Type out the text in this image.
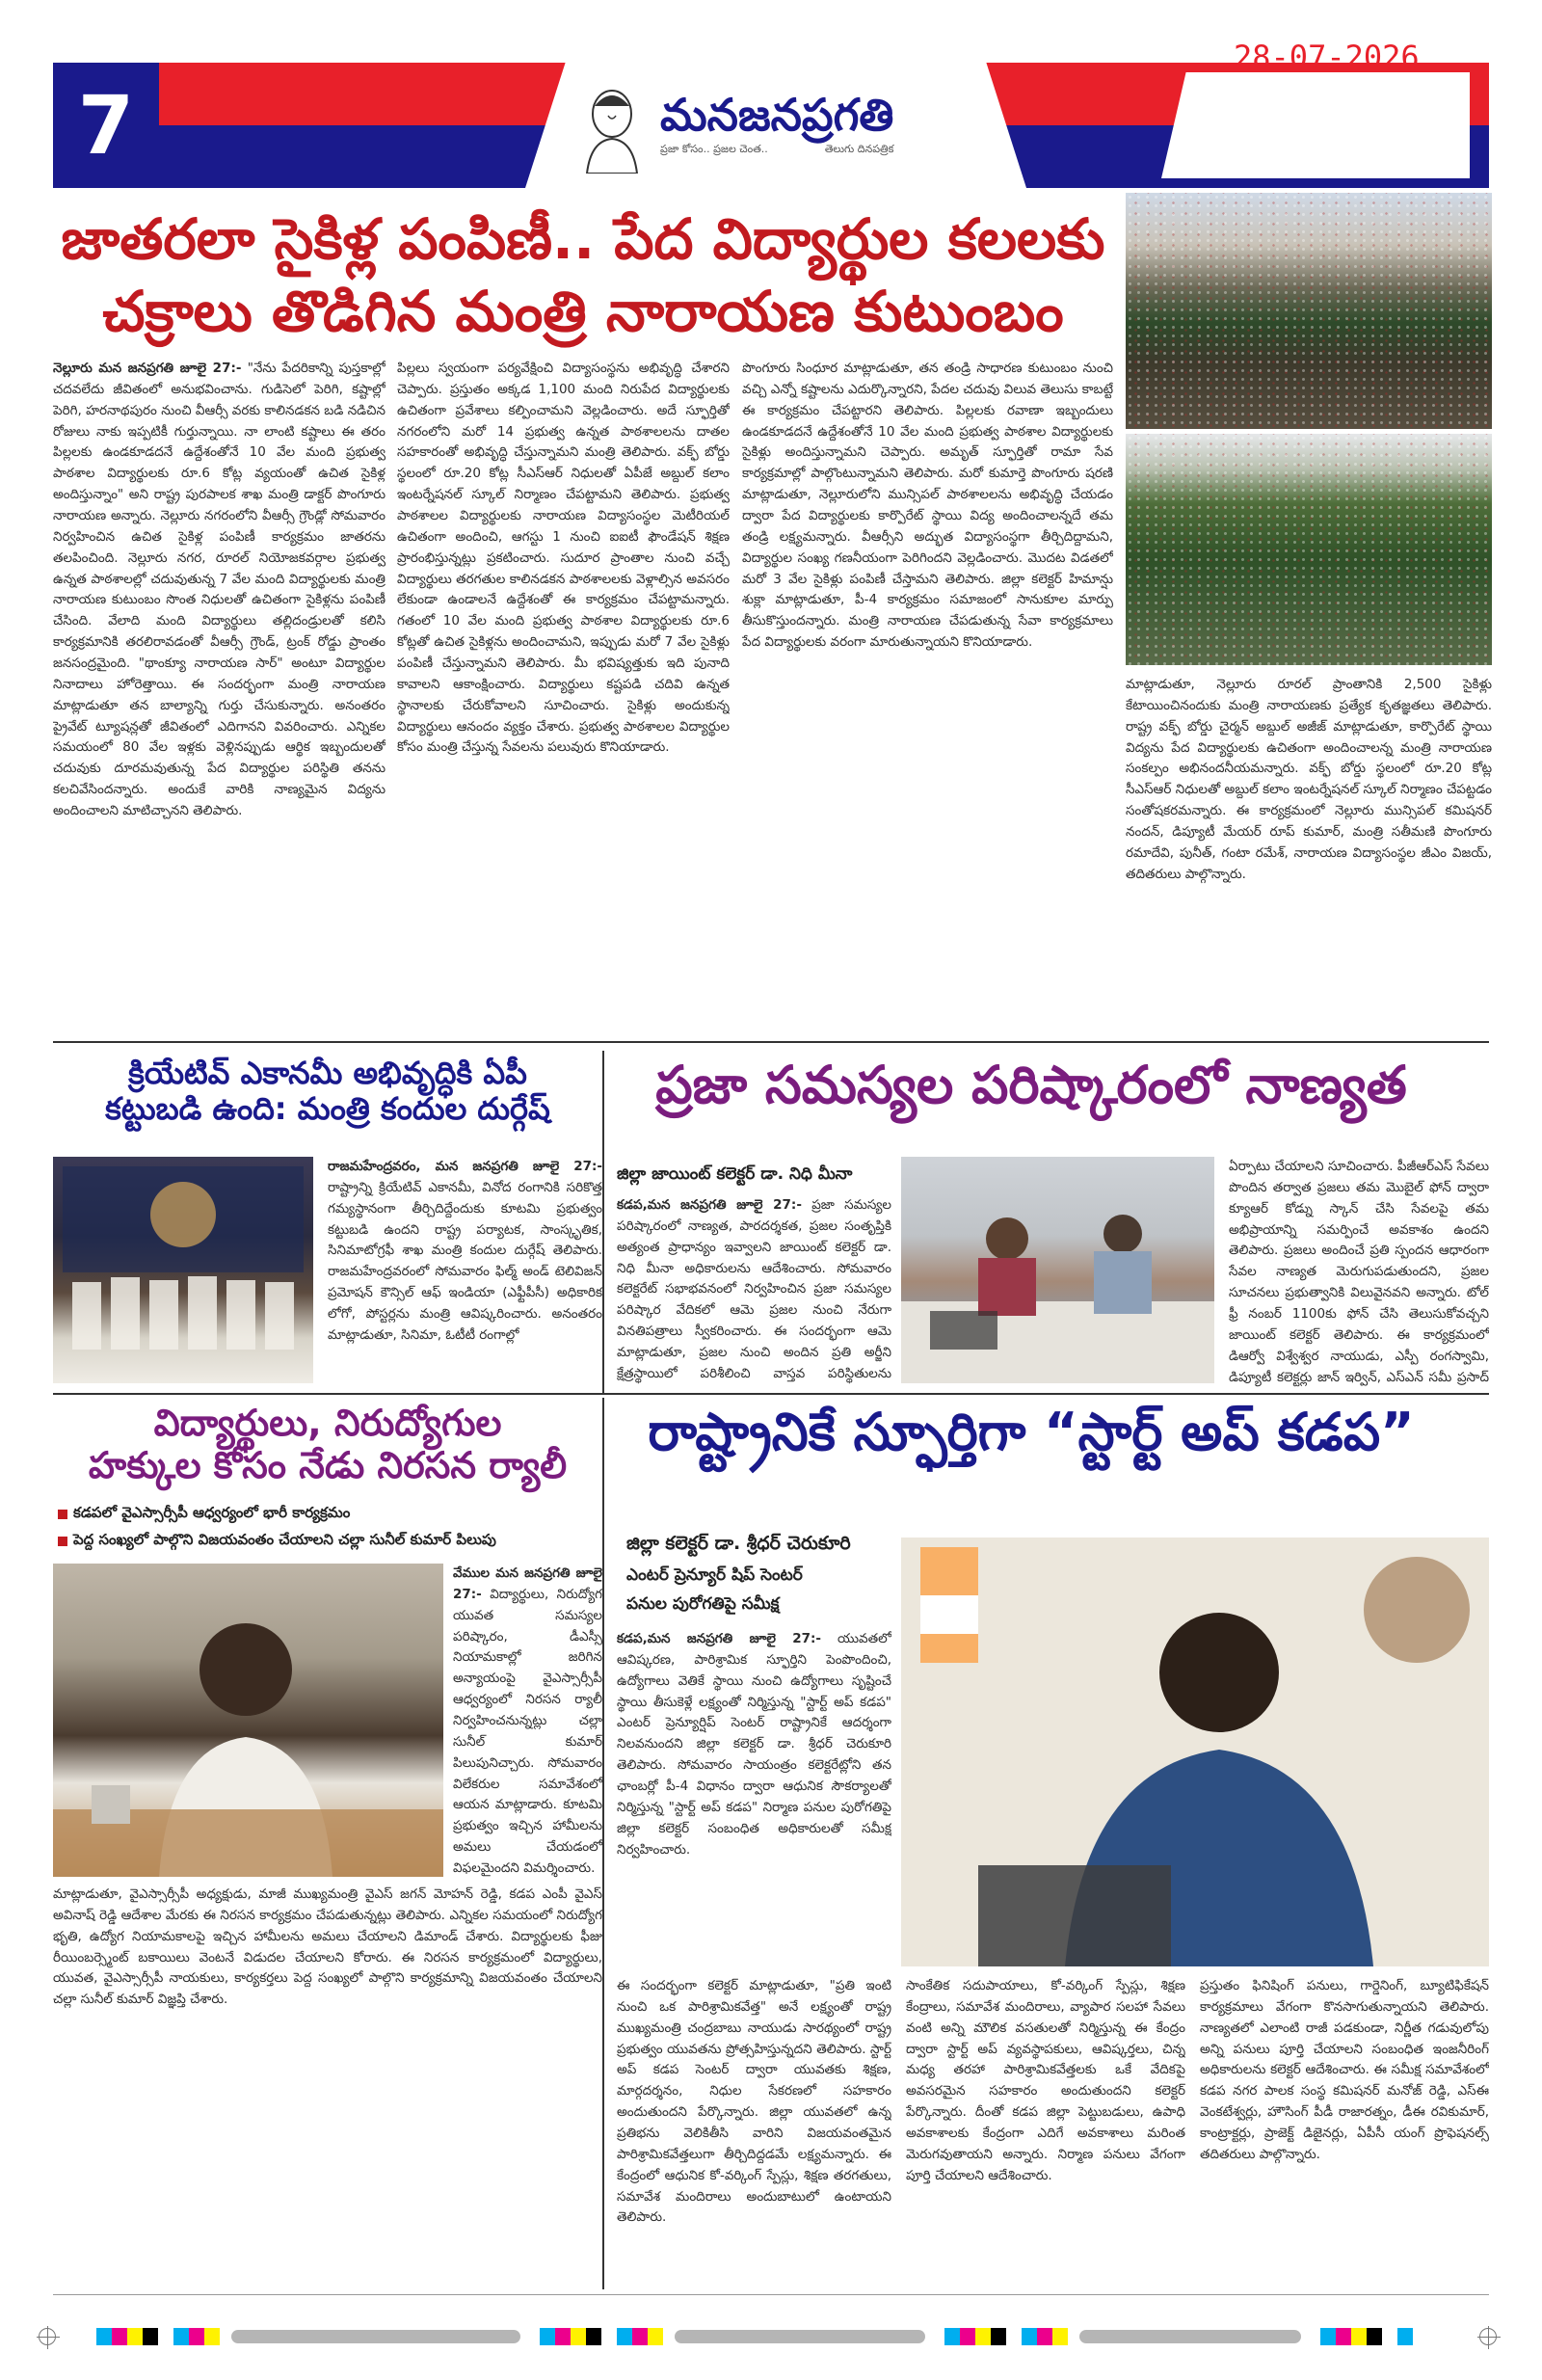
7	మనజనప్రగతి
ప్రజా కోసం.. ప్రజల చెంత..	తెలుగు దినపత్రిక
28-07-2026
జాతరలా సైకిళ్ల పంపిణీ.. పేద విద్యార్థుల కలలకు
చక్రాలు తొడిగిన మంత్రి నారాయణ కుటుంబం

నెల్లూరు మన జనప్రగతి జూలై 27:- "నేను పేదరికాన్ని పుస్తకాల్లో చదవలేదు జీవితంలో అనుభవించాను. గుడిసెలో పెరిగి, కష్టాల్లో పెరిగి, హరనాథపురం నుంచి వీఆర్సీ వరకు కాలినడకన బడి నడిచిన రోజులు నాకు ఇప్పటికీ గుర్తున్నాయి. నా లాంటి కష్టాలు ఈ తరం పిల్లలకు ఉండకూడదనే ఉద్దేశంతోనే 10 వేల మంది ప్రభుత్వ పాఠశాల విద్యార్థులకు రూ.6 కోట్ల వ్యయంతో ఉచిత సైకిళ్ల అందిస్తున్నాం" అని రాష్ట్ర పురపాలక శాఖ మంత్రి డాక్టర్ పొంగూరు నారాయణ అన్నారు. నెల్లూరు నగరంలోని వీఆర్సీ గ్రౌండ్లో సోమవారం నిర్వహించిన ఉచిత సైకిళ్ల పంపిణీ కార్యక్రమం జాతరను తలపించింది. నెల్లూరు నగర, రూరల్ నియోజకవర్గాల ప్రభుత్వ ఉన్నత పాఠశాలల్లో చదువుతున్న 7 వేల మంది విద్యార్థులకు మంత్రి నారాయణ కుటుంబం సొంత నిధులతో ఉచితంగా సైకిళ్లను పంపిణీ చేసింది. వేలాది మంది విద్యార్థులు తల్లిదండ్రులతో కలిసి కార్యక్రమానికి తరలిరావడంతో వీఆర్సీ గ్రౌండ్, ట్రంక్ రోడ్డు ప్రాంతం జనసంద్రమైంది. "థాంక్యూ నారాయణ సార్" అంటూ విద్యార్థుల నినాదాలు హోరెత్తాయి. ఈ సందర్భంగా మంత్రి నారాయణ మాట్లాడుతూ తన బాల్యాన్ని గుర్తు చేసుకున్నారు. అనంతరం ప్రైవేట్ ట్యూషన్లతో జీవితంలో ఎదిగానని వివరించారు. ఎన్నికల సమయంలో 80 వేల ఇళ్లకు వెళ్లినప్పుడు ఆర్థిక ఇబ్బందులతో చదువుకు దూరమవుతున్న పేద విద్యార్థుల పరిస్థితి తనను కలచివేసిందన్నారు. అందుకే వారికి నాణ్యమైన విద్యను అందించాలని మాటిచ్చానని తెలిపారు.

పిల్లలు స్వయంగా పర్యవేక్షించి విద్యాసంస్థను అభివృద్ధి చేశారని చెప్పారు. ప్రస్తుతం అక్కడ 1,100 మంది నిరుపేద విద్యార్థులకు ఉచితంగా ప్రవేశాలు కల్పించామని వెల్లడించారు. అదే స్ఫూర్తితో నగరంలోని మరో 14 ప్రభుత్వ ఉన్నత పాఠశాలలను దాతల సహకారంతో అభివృద్ధి చేస్తున్నామని మంత్రి తెలిపారు. వక్ఫ్ బోర్డు స్థలంలో రూ.20 కోట్ల సీఎస్ఆర్ నిధులతో ఏపీజే అబ్దుల్ కలాం ఇంటర్నేషనల్ స్కూల్ నిర్మాణం చేపట్టామని తెలిపారు. ప్రభుత్వ పాఠశాలల విద్యార్థులకు నారాయణ విద్యాసంస్థల మెటీరియల్ ఉచితంగా అందించి, ఆగస్టు 1 నుంచి ఐఐటీ ఫౌండేషన్ శిక్షణ ప్రారంభిస్తున్నట్లు ప్రకటించారు. సుదూర ప్రాంతాల నుంచి వచ్చే విద్యార్థులు తరగతుల కాలినడకన పాఠశాలలకు వెళ్లాల్సిన అవసరం లేకుండా ఉండాలనే ఉద్దేశంతో ఈ కార్యక్రమం చేపట్టామన్నారు. గతంలో 10 వేల మంది ప్రభుత్వ పాఠశాల విద్యార్థులకు రూ.6 కోట్లతో ఉచిత సైకిళ్లను అందించామని, ఇప్పుడు మరో 7 వేల సైకిళ్లు పంపిణీ చేస్తున్నామని తెలిపారు. మీ భవిష్యత్తుకు ఇది పునాది కావాలని ఆకాంక్షించారు. విద్యార్థులు కష్టపడి చదివి ఉన్నత స్థానాలకు చేరుకోవాలని సూచించారు. సైకిళ్లు అందుకున్న విద్యార్థులు ఆనందం వ్యక్తం చేశారు. ప్రభుత్వ పాఠశాలల విద్యార్థుల కోసం మంత్రి చేస్తున్న సేవలను పలువురు కొనియాడారు.

పొంగూరు సింధూర మాట్లాడుతూ, తన తండ్రి సాధారణ కుటుంబం నుంచి వచ్చి ఎన్నో కష్టాలను ఎదుర్కొన్నారని, పేదల చదువు విలువ తెలుసు కాబట్టే ఈ కార్యక్రమం చేపట్టారని తెలిపారు. పిల్లలకు రవాణా ఇబ్బందులు ఉండకూడదనే ఉద్దేశంతోనే 10 వేల మంది ప్రభుత్వ పాఠశాల విద్యార్థులకు సైకిళ్లు అందిస్తున్నామని చెప్పారు. అమృత్ స్ఫూర్తితో రామా సేవ కార్యక్రమాల్లో పాల్గొంటున్నామని తెలిపారు. మరో కుమార్తె పొంగూరు షరణి మాట్లాడుతూ, నెల్లూరులోని మున్సిపల్ పాఠశాలలను అభివృద్ధి చేయడం ద్వారా పేద విద్యార్థులకు కార్పొరేట్ స్థాయి విద్య అందించాలన్నదే తమ తండ్రి లక్ష్యమన్నారు. వీఆర్సీని అద్భుత విద్యాసంస్థగా తీర్చిదిద్దామని, విద్యార్థుల సంఖ్య గణనీయంగా పెరిగిందని వెల్లడించారు. మొదట విడతలో మరో 3 వేల సైకిళ్లు పంపిణీ చేస్తామని తెలిపారు. జిల్లా కలెక్టర్ హిమాన్షు శుక్లా మాట్లాడుతూ, పీ-4 కార్యక్రమం సమాజంలో సానుకూల మార్పు తీసుకొస్తుందన్నారు. మంత్రి నారాయణ చేపడుతున్న సేవా కార్యక్రమాలు పేద విద్యార్థులకు వరంగా మారుతున్నాయని కొనియాడారు.

మాట్లాడుతూ, నెల్లూరు రూరల్ ప్రాంతానికి 2,500 సైకిళ్లు కేటాయించినందుకు మంత్రి నారాయణకు ప్రత్యేక కృతజ్ఞతలు తెలిపారు. రాష్ట్ర వక్ఫ్ బోర్డు చైర్మన్ అబ్దుల్ అజీజ్ మాట్లాడుతూ, కార్పొరేట్ స్థాయి విద్యను పేద విద్యార్థులకు ఉచితంగా అందించాలన్న మంత్రి నారాయణ సంకల్పం అభినందనీయమన్నారు. వక్ఫ్ బోర్డు స్థలంలో రూ.20 కోట్ల సీఎస్ఆర్ నిధులతో అబ్దుల్ కలాం ఇంటర్నేషనల్ స్కూల్ నిర్మాణం చేపట్టడం సంతోషకరమన్నారు. ఈ కార్యక్రమంలో నెల్లూరు మున్సిపల్ కమిషనర్ నందన్, డిప్యూటీ మేయర్ రూప్ కుమార్, మంత్రి సతీమణి పొంగూరు రమాదేవి, పునీత్, గంటా రమేశ్, నారాయణ విద్యాసంస్థల జీఎం విజయ్, తదితరులు పాల్గొన్నారు.

క్రియేటివ్ ఎకానమీ అభివృద్ధికి ఏపీ
కట్టుబడి ఉంది: మంత్రి కందుల దుర్గేష్

రాజమహేంద్రవరం, మన జనప్రగతి జూలై 27:- రాష్ట్రాన్ని క్రియేటివ్ ఎకానమీ, వినోద రంగానికి సరికొత్త గమ్యస్థానంగా తీర్చిదిద్దేందుకు కూటమి ప్రభుత్వం కట్టుబడి ఉందని రాష్ట్ర పర్యాటక, సాంస్కృతిక, సినిమాటోగ్రఫీ శాఖ మంత్రి కందుల దుర్గేష్ తెలిపారు. రాజమహేంద్రవరంలో సోమవారం ఫిల్మ్ అండ్ టెలివిజన్ ప్రమోషన్ కౌన్సిల్ ఆఫ్ ఇండియా (ఎఫ్టీపీసీ) అధికారిక లోగో, పోస్టర్లను మంత్రి ఆవిష్కరించారు. అనంతరం మాట్లాడుతూ, సినిమా, ఓటీటీ రంగాల్లో

ప్రజా సమస్యల పరిష్కారంలో నాణ్యత
జిల్లా జాయింట్ కలెక్టర్ డా. నిధి మీనా

కడప,మన జనప్రగతి జూలై 27:- ప్రజా సమస్యల పరిష్కారంలో నాణ్యత, పారదర్శకత, ప్రజల సంతృప్తికి అత్యంత ప్రాధాన్యం ఇవ్వాలని జాయింట్ కలెక్టర్ డా. నిధి మీనా అధికారులను ఆదేశించారు. సోమవారం కలెక్టరేట్ సభాభవనంలో నిర్వహించిన ప్రజా సమస్యల పరిష్కార వేదికలో ఆమె ప్రజల నుంచి నేరుగా వినతిపత్రాలు స్వీకరించారు. ఈ సందర్భంగా ఆమె మాట్లాడుతూ, ప్రజల నుంచి అందిన ప్రతి అర్జీని క్షేత్రస్థాయిలో పరిశీలించి వాస్తవ పరిస్థితులను

ఏర్పాటు చేయాలని సూచించారు. పీజీఆర్ఎస్ సేవలు పొందిన తర్వాత ప్రజలు తమ మొబైల్ ఫోన్ ద్వారా క్యూఆర్ కోడ్ను స్కాన్ చేసి సేవలపై తమ అభిప్రాయాన్ని సమర్పించే అవకాశం ఉందని తెలిపారు. ప్రజలు అందించే ప్రతి స్పందన ఆధారంగా సేవల నాణ్యత మెరుగుపడుతుందని, ప్రజల సూచనలు ప్రభుత్వానికి విలువైనవని అన్నారు. టోల్ ఫ్రీ నంబర్ 1100కు ఫోన్ చేసి తెలుసుకోవచ్చని జాయింట్ కలెక్టర్ తెలిపారు. ఈ కార్యక్రమంలో డిఆర్వో విశ్వేశ్వర నాయుడు, ఎస్పీ రంగస్వామి, డిప్యూటీ కలెక్టర్లు జాన్ ఇర్విన్, ఎస్ఎన్ సమీ ప్రసాద్

విద్యార్థులు, నిరుద్యోగుల
హక్కుల కోసం నేడు నిరసన ర్యాలీ
కడపలో వైఎస్సార్సీపీ ఆధ్వర్యంలో భారీ కార్యక్రమం
పెద్ద సంఖ్యలో పాల్గొని విజయవంతం చేయాలని చల్లా సునీల్ కుమార్ పిలుపు

వేముల మన జనప్రగతి జూలై 27:- విద్యార్థులు, నిరుద్యోగ యువత సమస్యల పరిష్కారం, డీఎస్సీ నియామకాల్లో జరిగిన అన్యాయంపై వైఎస్సార్సీపీ ఆధ్వర్యంలో నిరసన ర్యాలీ నిర్వహించనున్నట్లు చల్లా సునీల్ కుమార్ పిలుపునిచ్చారు. సోమవారం విలేకరుల సమావేశంలో ఆయన మాట్లాడారు. కూటమి ప్రభుత్వం ఇచ్చిన హామీలను అమలు చేయడంలో విఫలమైందని విమర్శించారు.

మాట్లాడుతూ, వైఎస్సార్సీపీ అధ్యక్షుడు, మాజీ ముఖ్యమంత్రి వైఎస్ జగన్ మోహన్ రెడ్డి, కడప ఎంపీ వైఎస్ అవినాష్ రెడ్డి ఆదేశాల మేరకు ఈ నిరసన కార్యక్రమం చేపడుతున్నట్లు తెలిపారు. ఎన్నికల సమయంలో నిరుద్యోగ భృతి, ఉద్యోగ నియామకాలపై ఇచ్చిన హామీలను అమలు చేయాలని డిమాండ్ చేశారు. విద్యార్థులకు ఫీజు రీయింబర్స్మెంట్ బకాయిలు వెంటనే విడుదల చేయాలని కోరారు. ఈ నిరసన కార్యక్రమంలో విద్యార్థులు, యువత, వైఎస్సార్సీపీ నాయకులు, కార్యకర్తలు పెద్ద సంఖ్యలో పాల్గొని కార్యక్రమాన్ని విజయవంతం చేయాలని చల్లా సునీల్ కుమార్ విజ్ఞప్తి చేశారు.

రాష్ట్రానికే స్ఫూర్తిగా “స్టార్ట్ అప్ కడప”
జిల్లా కలెక్టర్ డా. శ్రీధర్ చెరుకూరి
ఎంటర్ ప్రెన్యూర్ షిప్ సెంటర్
పనుల పురోగతిపై సమీక్ష

కడప,మన జనప్రగతి జూలై 27:- యువతలో ఆవిష్కరణ, పారిశ్రామిక స్ఫూర్తిని పెంపొందించి, ఉద్యోగాలు వెతికే స్థాయి నుంచి ఉద్యోగాలు సృష్టించే స్థాయి తీసుకెళ్లే లక్ష్యంతో నిర్మిస్తున్న "స్టార్ట్ అప్ కడప" ఎంటర్ ప్రెన్యూర్షిప్ సెంటర్ రాష్ట్రానికే ఆదర్శంగా నిలవనుందని జిల్లా కలెక్టర్ డా. శ్రీధర్ చెరుకూరి తెలిపారు. సోమవారం సాయంత్రం కలెక్టరేట్లోని తన ఛాంబర్లో పీ-4 విధానం ద్వారా ఆధునిక సౌకర్యాలతో నిర్మిస్తున్న "స్టార్ట్ అప్ కడప" నిర్మాణ పనుల పురోగతిపై జిల్లా కలెక్టర్ సంబంధిత అధికారులతో సమీక్ష నిర్వహించారు.

ఈ సందర్భంగా కలెక్టర్ మాట్లాడుతూ, "ప్రతి ఇంటి నుంచి ఒక పారిశ్రామికవేత్త" అనే లక్ష్యంతో రాష్ట్ర ముఖ్యమంత్రి చంద్రబాబు నాయుడు సారథ్యంలో రాష్ట్ర ప్రభుత్వం యువతను ప్రోత్సహిస్తున్నదని తెలిపారు. స్టార్ట్ అప్ కడప సెంటర్ ద్వారా యువతకు శిక్షణ, మార్గదర్శనం, నిధుల సేకరణలో సహకారం అందుతుందని పేర్కొన్నారు. జిల్లా యువతలో ఉన్న ప్రతిభను వెలికితీసి వారిని విజయవంతమైన పారిశ్రామికవేత్తలుగా తీర్చిదిద్దడమే లక్ష్యమన్నారు. ఈ కేంద్రంలో ఆధునిక కో-వర్కింగ్ స్పేస్లు, శిక్షణ తరగతులు, సమావేశ మందిరాలు అందుబాటులో ఉంటాయని తెలిపారు.

సాంకేతిక సదుపాయాలు, కో-వర్కింగ్ స్పేస్లు, శిక్షణ కేంద్రాలు, సమావేశ మందిరాలు, వ్యాపార సలహా సేవలు వంటి అన్ని మౌలిక వసతులతో నిర్మిస్తున్న ఈ కేంద్రం ద్వారా స్టార్ట్ అప్ వ్యవస్థాపకులు, ఆవిష్కర్తలు, చిన్న మధ్య తరహా పారిశ్రామికవేత్తలకు ఒకే వేదికపై అవసరమైన సహకారం అందుతుందని కలెక్టర్ పేర్కొన్నారు. దీంతో కడప జిల్లా పెట్టుబడులు, ఉపాధి అవకాశాలకు కేంద్రంగా ఎదిగే అవకాశాలు మరింత మెరుగవుతాయని అన్నారు. నిర్మాణ పనులు వేగంగా పూర్తి చేయాలని ఆదేశించారు.

ప్రస్తుతం ఫినిషింగ్ పనులు, గార్డెనింగ్, బ్యూటిఫికేషన్ కార్యక్రమాలు వేగంగా కొనసాగుతున్నాయని తెలిపారు. నాణ్యతలో ఎలాంటి రాజీ పడకుండా, నిర్ణీత గడువులోపు అన్ని పనులు పూర్తి చేయాలని సంబంధిత ఇంజనీరింగ్ అధికారులను కలెక్టర్ ఆదేశించారు. ఈ సమీక్ష సమావేశంలో కడప నగర పాలక సంస్థ కమిషనర్ మనోజ్ రెడ్డి, ఎస్ఈ వెంకటేశ్వర్లు, హౌసింగ్ పీడీ రాజారత్నం, డీఈ రవికుమార్, కాంట్రాక్టర్లు, ప్రాజెక్ట్ డిజైనర్లు, ఏపీసీ యంగ్ ప్రొఫెషనల్స్ తదితరులు పాల్గొన్నారు.
